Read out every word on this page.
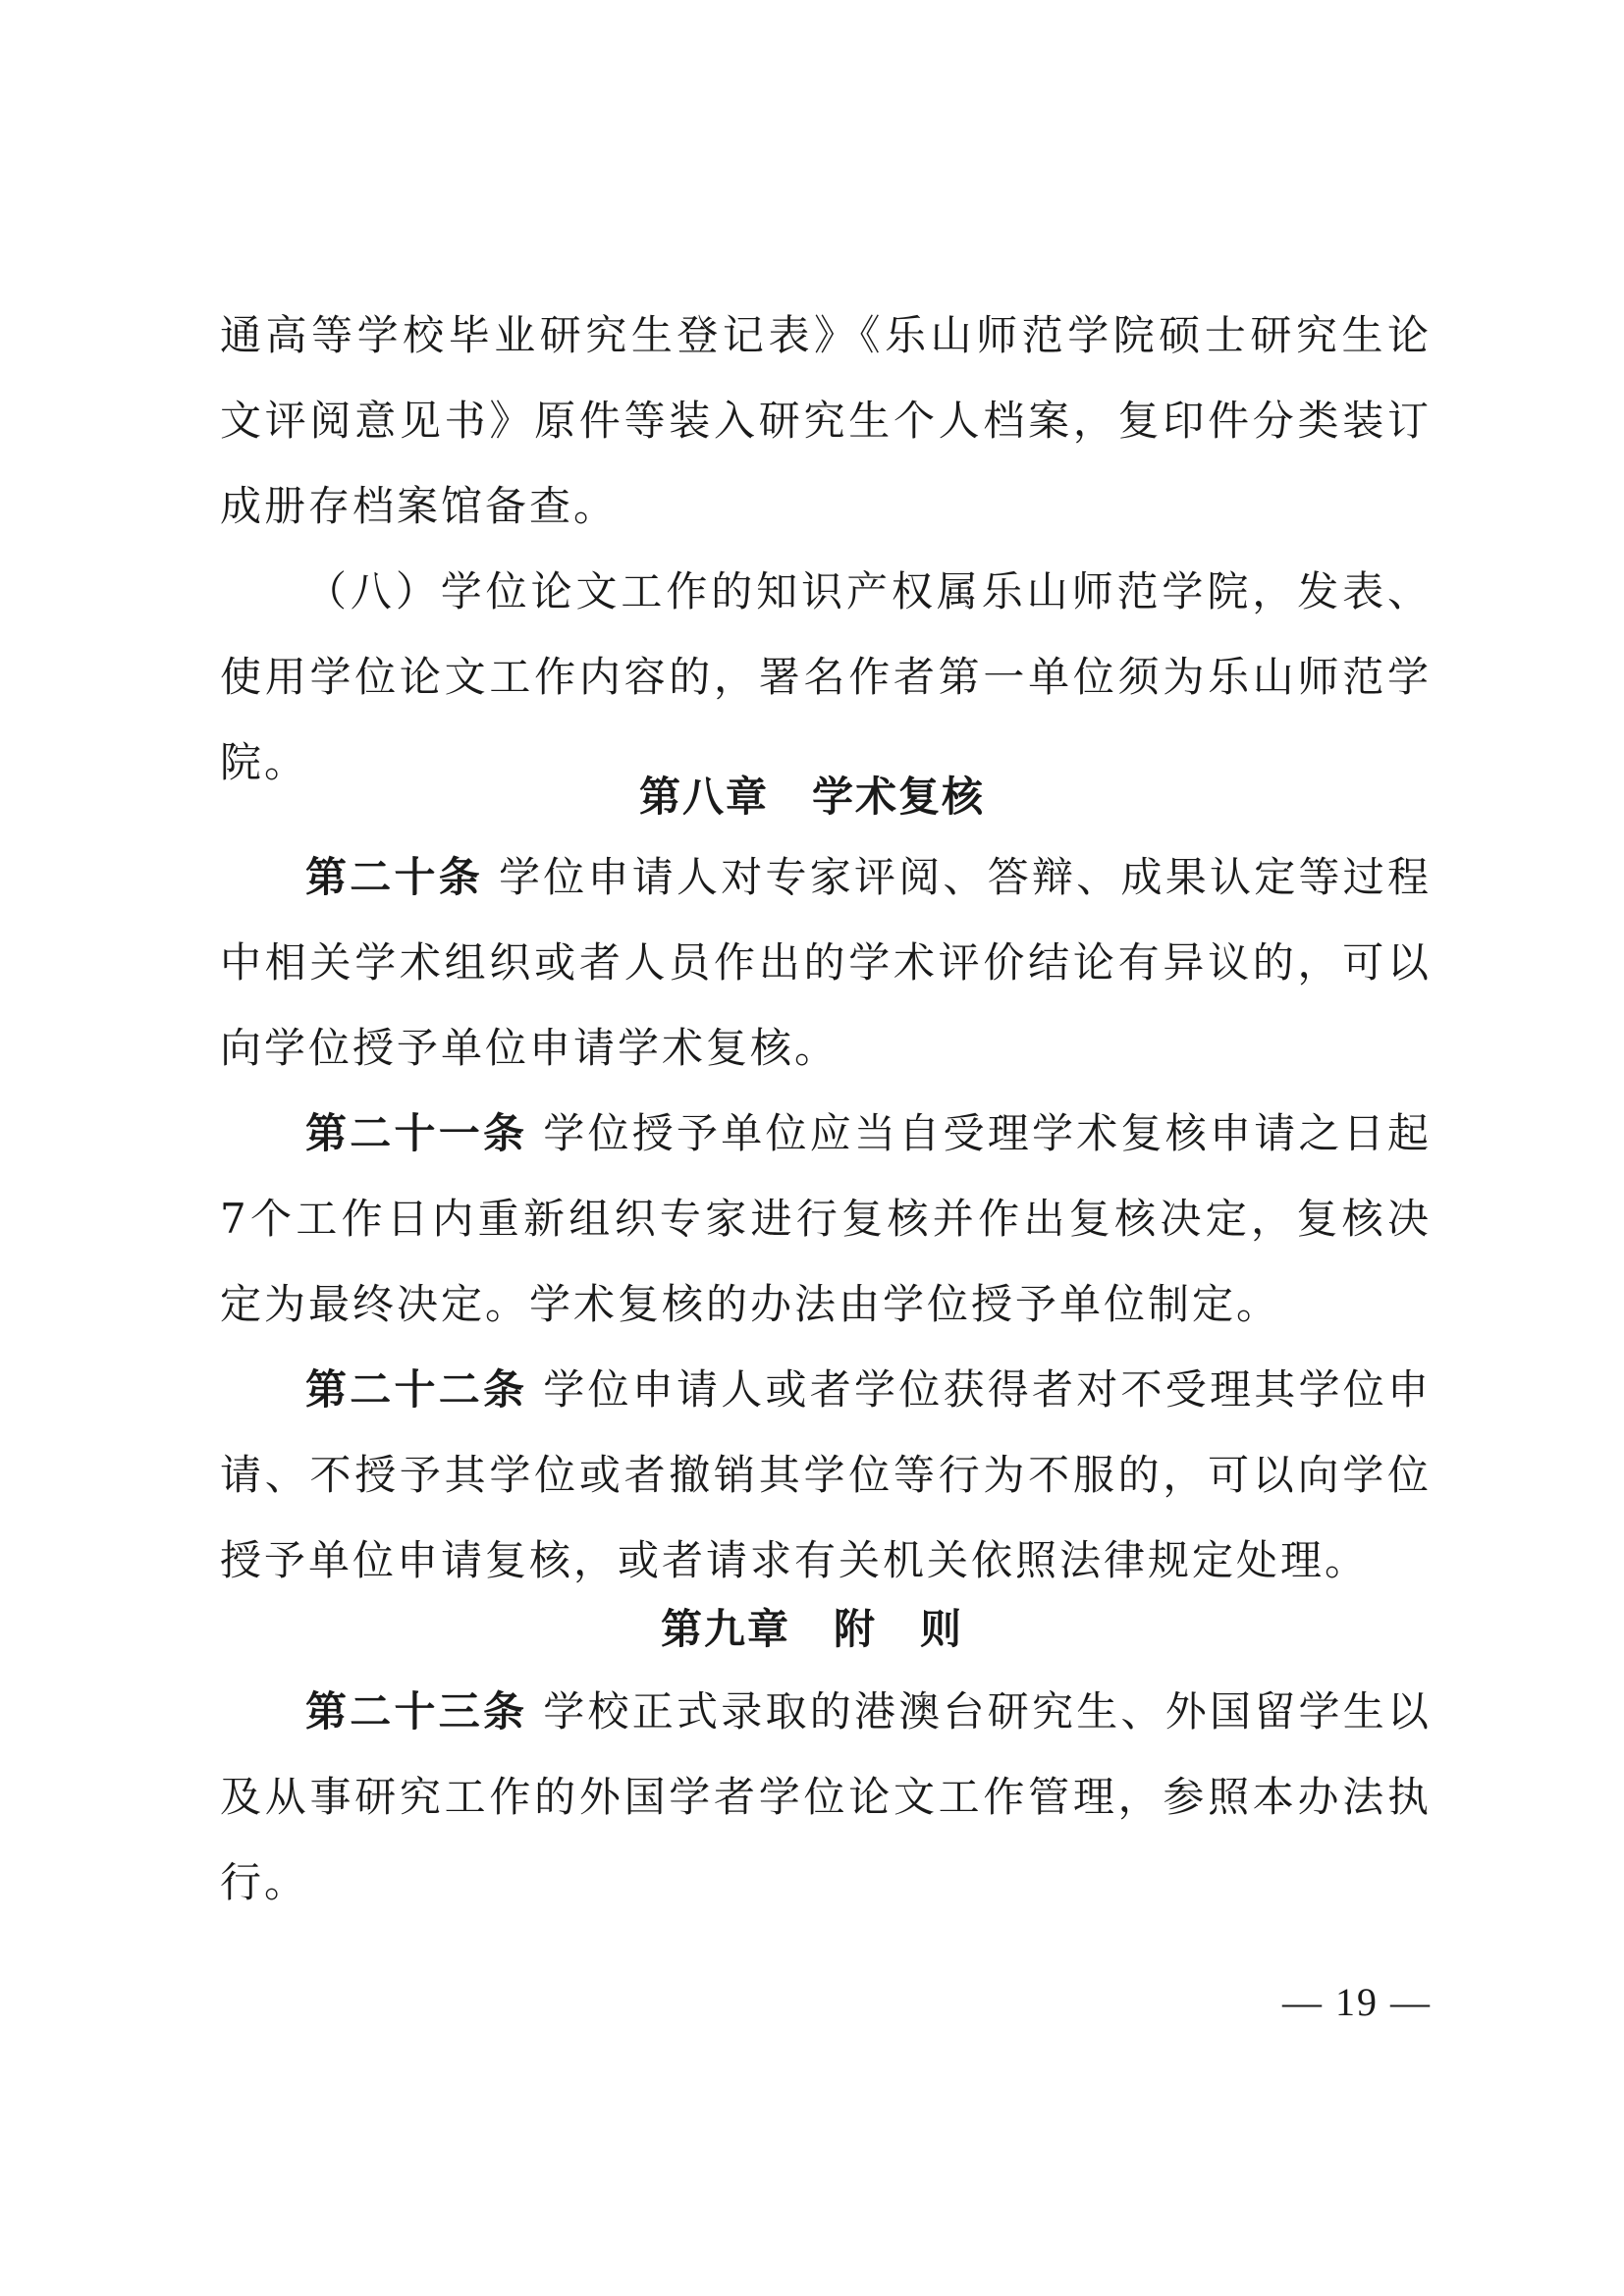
通高等学校毕业研究生登记表》《乐山师范学院硕士研究生论文评阅意见书》原件等装入研究生个人档案，复印件分类装订成册存档案馆备查。

（八）学位论文工作的知识产权属乐山师范学院，发表、使用学位论文工作内容的，署名作者第一单位须为乐山师范学院。

第八章　学术复核

第二十条 学位申请人对专家评阅、答辩、成果认定等过程中相关学术组织或者人员作出的学术评价结论有异议的，可以向学位授予单位申请学术复核。

第二十一条 学位授予单位应当自受理学术复核申请之日起7个工作日内重新组织专家进行复核并作出复核决定，复核决定为最终决定。学术复核的办法由学位授予单位制定。

第二十二条 学位申请人或者学位获得者对不受理其学位申请、不授予其学位或者撤销其学位等行为不服的，可以向学位授予单位申请复核，或者请求有关机关依照法律规定处理。

第九章　附　则

第二十三条 学校正式录取的港澳台研究生、外国留学生以及从事研究工作的外国学者学位论文工作管理，参照本办法执行。

— 19 —
